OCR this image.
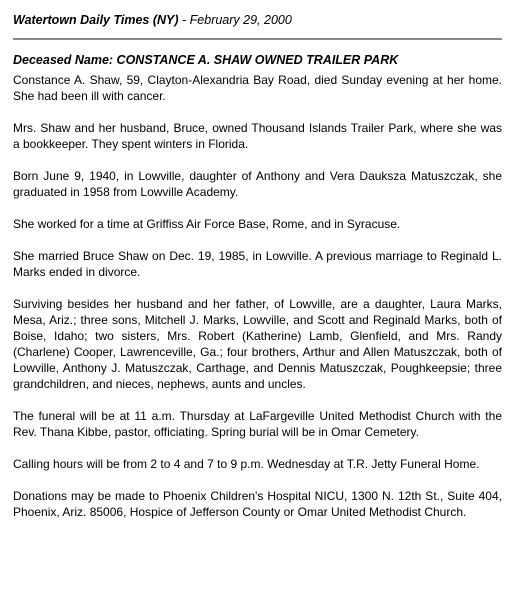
Watertown Daily Times (NY) - February 29, 2000

Deceased Name: CONSTANCE A. SHAW OWNED TRAILER PARK

Constance A. Shaw, 59, Clayton-Alexandria Bay Road, died Sunday evening at her home. She had been ill with cancer.

Mrs. Shaw and her husband, Bruce, owned Thousand Islands Trailer Park, where she was a bookkeeper. They spent winters in Florida.

Born June 9, 1940, in Lowville, daughter of Anthony and Vera Dauksza Matuszczak, she graduated in 1958 from Lowville Academy.

She worked for a time at Griffiss Air Force Base, Rome, and in Syracuse.

She married Bruce Shaw on Dec. 19, 1985, in Lowville. A previous marriage to Reginald L. Marks ended in divorce.

Surviving besides her husband and her father, of Lowville, are a daughter, Laura Marks, Mesa, Ariz.; three sons, Mitchell J. Marks, Lowville, and Scott and Reginald Marks, both of Boise, Idaho; two sisters, Mrs. Robert (Katherine) Lamb, Glenfield, and Mrs. Randy (Charlene) Cooper, Lawrenceville, Ga.; four brothers, Arthur and Allen Matuszczak, both of Lowville, Anthony J. Matuszczak, Carthage, and Dennis Matuszczak, Poughkeepsie; three grandchildren, and nieces, nephews, aunts and uncles.

The funeral will be at 11 a.m. Thursday at LaFargeville United Methodist Church with the Rev. Thana Kibbe, pastor, officiating. Spring burial will be in Omar Cemetery.

Calling hours will be from 2 to 4 and 7 to 9 p.m. Wednesday at T.R. Jetty Funeral Home.

Donations may be made to Phoenix Children's Hospital NICU, 1300 N. 12th St., Suite 404, Phoenix, Ariz. 85006, Hospice of Jefferson County or Omar United Methodist Church.
